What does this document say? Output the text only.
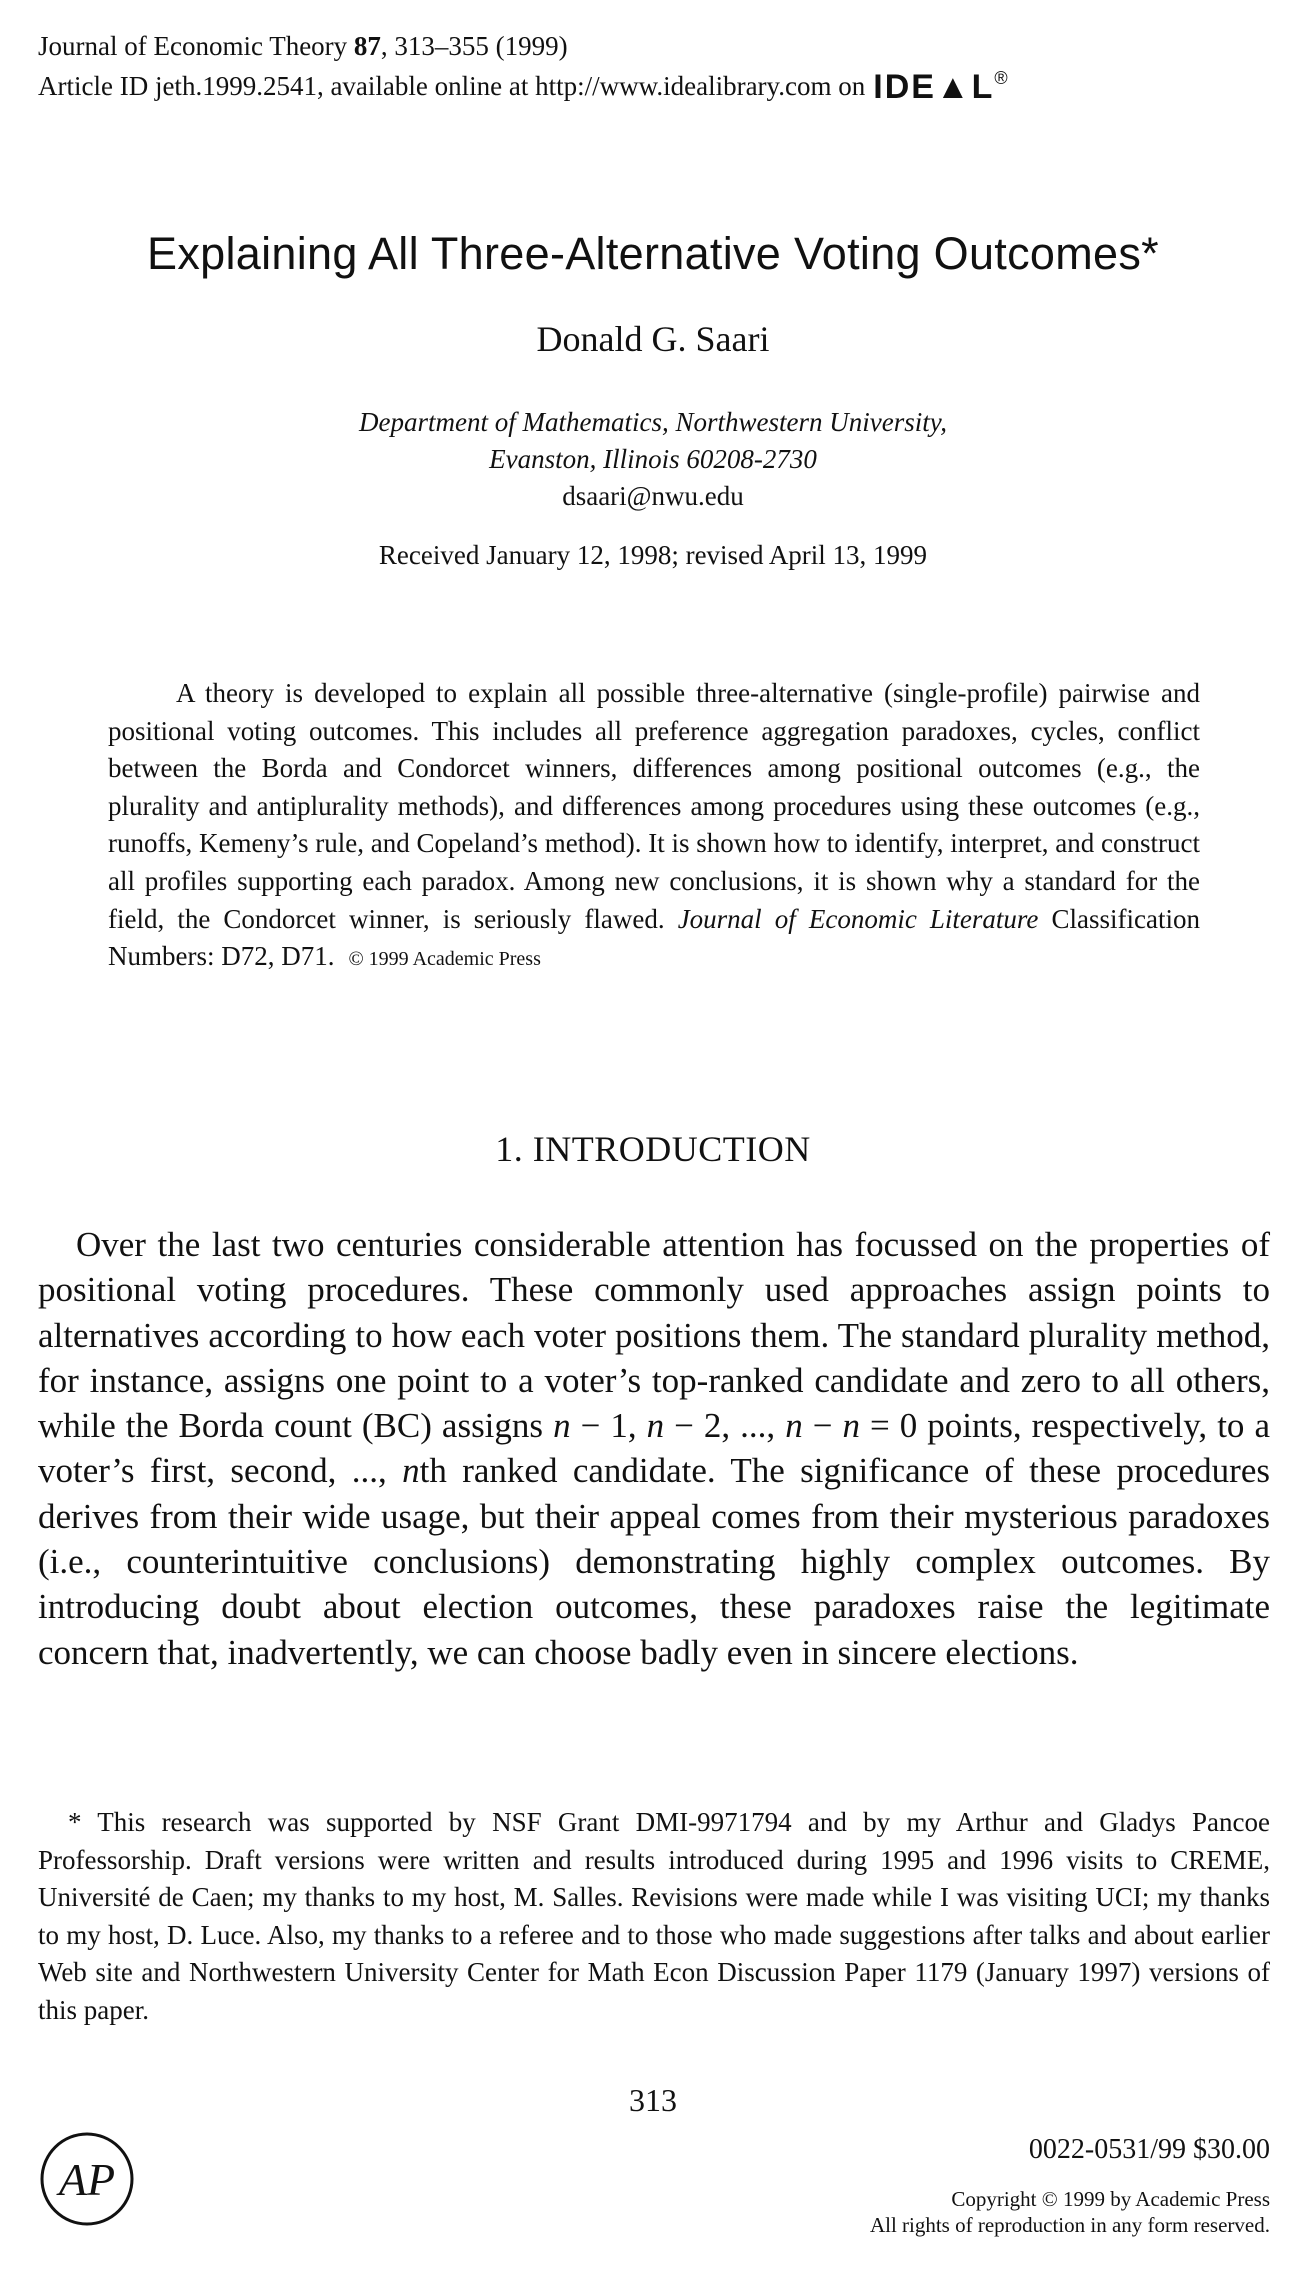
Journal of Economic Theory 87, 313–355 (1999)
Article ID jeth.1999.2541, available online at http://www.idealibrary.com on IDE▲L®
Explaining All Three-Alternative Voting Outcomes*
Donald G. Saari
Department of Mathematics, Northwestern University,
Evanston, Illinois 60208-2730
dsaari@nwu.edu
Received January 12, 1998; revised April 13, 1999
A theory is developed to explain all possible three-alternative (single-profile) pairwise and positional voting outcomes. This includes all preference aggregation paradoxes, cycles, conflict between the Borda and Condorcet winners, differences among positional outcomes (e.g., the plurality and antiplurality methods), and differences among procedures using these outcomes (e.g., runoffs, Kemeny’s rule, and Copeland’s method). It is shown how to identify, interpret, and construct all profiles supporting each paradox. Among new conclusions, it is shown why a standard for the field, the Condorcet winner, is seriously flawed. Journal of Economic Literature Classification Numbers: D72, D71. © 1999 Academic Press
1. INTRODUCTION
Over the last two centuries considerable attention has focussed on the properties of positional voting procedures. These commonly used approaches assign points to alternatives according to how each voter positions them. The standard plurality method, for instance, assigns one point to a voter’s top-ranked candidate and zero to all others, while the Borda count (BC) assigns n − 1, n − 2, ..., n − n = 0 points, respectively, to a voter’s first, second, ..., nth ranked candidate. The significance of these procedures derives from their wide usage, but their appeal comes from their mysterious paradoxes (i.e., counterintuitive conclusions) demonstrating highly complex outcomes. By introducing doubt about election outcomes, these paradoxes raise the legitimate concern that, inadvertently, we can choose badly even in sincere elections.
* This research was supported by NSF Grant DMI-9971794 and by my Arthur and Gladys Pancoe Professorship. Draft versions were written and results introduced during 1995 and 1996 visits to CREME, Université de Caen; my thanks to my host, M. Salles. Revisions were made while I was visiting UCI; my thanks to my host, D. Luce. Also, my thanks to a referee and to those who made suggestions after talks and about earlier Web site and Northwestern University Center for Math Econ Discussion Paper 1179 (January 1997) versions of this paper.
313
AP
0022-0531/99 $30.00
Copyright © 1999 by Academic Press
All rights of reproduction in any form reserved.
